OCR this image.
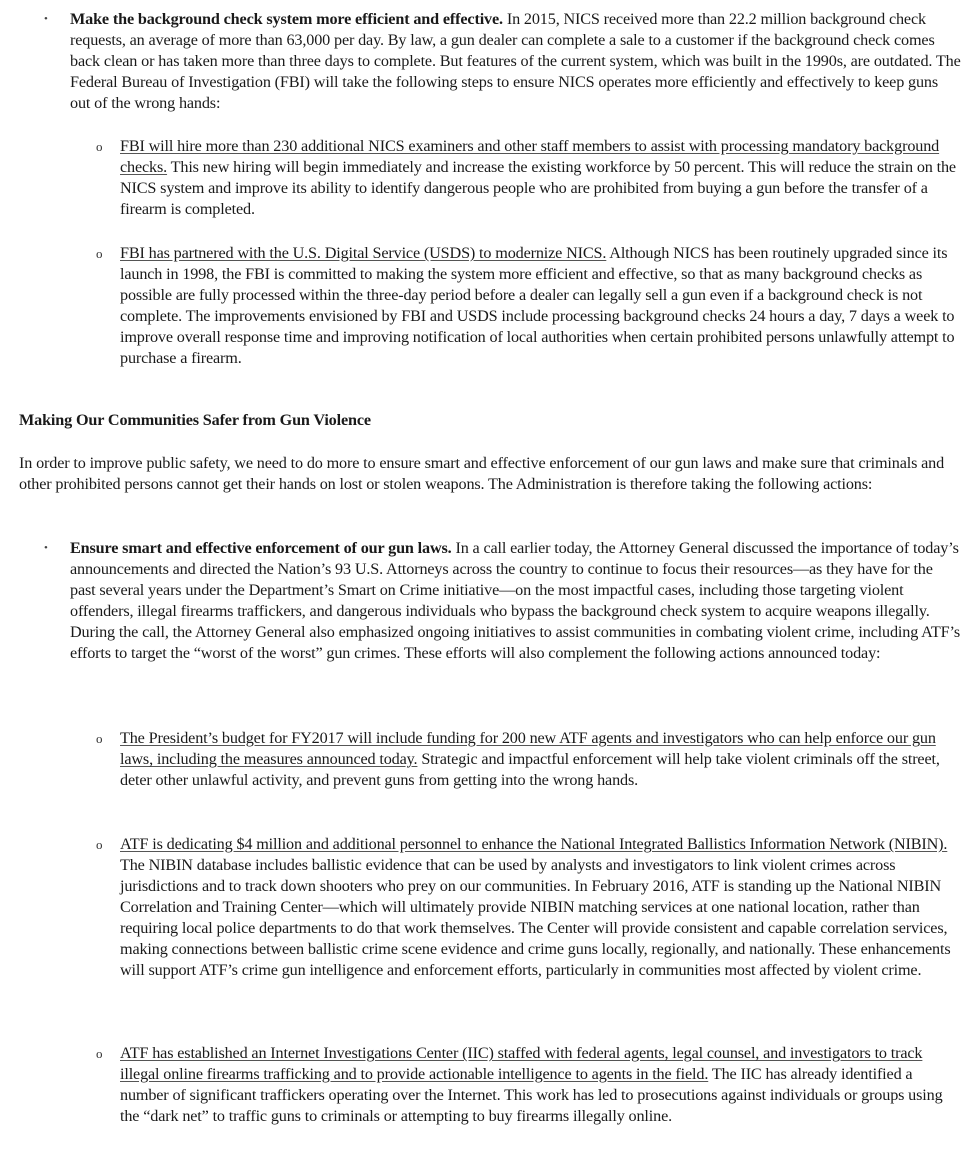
• Make the background check system more efficient and effective. In 2015, NICS received more than 22.2 million background check requests, an average of more than 63,000 per day. By law, a gun dealer can complete a sale to a customer if the background check comes back clean or has taken more than three days to complete. But features of the current system, which was built in the 1990s, are outdated. The Federal Bureau of Investigation (FBI) will take the following steps to ensure NICS operates more efficiently and effectively to keep guns out of the wrong hands:

o FBI will hire more than 230 additional NICS examiners and other staff members to assist with processing mandatory background checks. This new hiring will begin immediately and increase the existing workforce by 50 percent. This will reduce the strain on the NICS system and improve its ability to identify dangerous people who are prohibited from buying a gun before the transfer of a firearm is completed.

o FBI has partnered with the U.S. Digital Service (USDS) to modernize NICS. Although NICS has been routinely upgraded since its launch in 1998, the FBI is committed to making the system more efficient and effective, so that as many background checks as possible are fully processed within the three-day period before a dealer can legally sell a gun even if a background check is not complete. The improvements envisioned by FBI and USDS include processing background checks 24 hours a day, 7 days a week to improve overall response time and improving notification of local authorities when certain prohibited persons unlawfully attempt to purchase a firearm.

Making Our Communities Safer from Gun Violence

In order to improve public safety, we need to do more to ensure smart and effective enforcement of our gun laws and make sure that criminals and other prohibited persons cannot get their hands on lost or stolen weapons. The Administration is therefore taking the following actions:

• Ensure smart and effective enforcement of our gun laws. In a call earlier today, the Attorney General discussed the importance of today’s announcements and directed the Nation’s 93 U.S. Attorneys across the country to continue to focus their resources—as they have for the past several years under the Department’s Smart on Crime initiative—on the most impactful cases, including those targeting violent offenders, illegal firearms traffickers, and dangerous individuals who bypass the background check system to acquire weapons illegally. During the call, the Attorney General also emphasized ongoing initiatives to assist communities in combating violent crime, including ATF’s efforts to target the “worst of the worst” gun crimes. These efforts will also complement the following actions announced today:

o The President’s budget for FY2017 will include funding for 200 new ATF agents and investigators who can help enforce our gun laws, including the measures announced today. Strategic and impactful enforcement will help take violent criminals off the street, deter other unlawful activity, and prevent guns from getting into the wrong hands.

o ATF is dedicating $4 million and additional personnel to enhance the National Integrated Ballistics Information Network (NIBIN). The NIBIN database includes ballistic evidence that can be used by analysts and investigators to link violent crimes across jurisdictions and to track down shooters who prey on our communities. In February 2016, ATF is standing up the National NIBIN Correlation and Training Center—which will ultimately provide NIBIN matching services at one national location, rather than requiring local police departments to do that work themselves. The Center will provide consistent and capable correlation services, making connections between ballistic crime scene evidence and crime guns locally, regionally, and nationally. These enhancements will support ATF’s crime gun intelligence and enforcement efforts, particularly in communities most affected by violent crime.

o ATF has established an Internet Investigations Center (IIC) staffed with federal agents, legal counsel, and investigators to track illegal online firearms trafficking and to provide actionable intelligence to agents in the field. The IIC has already identified a number of significant traffickers operating over the Internet. This work has led to prosecutions against individuals or groups using the “dark net” to traffic guns to criminals or attempting to buy firearms illegally online.
